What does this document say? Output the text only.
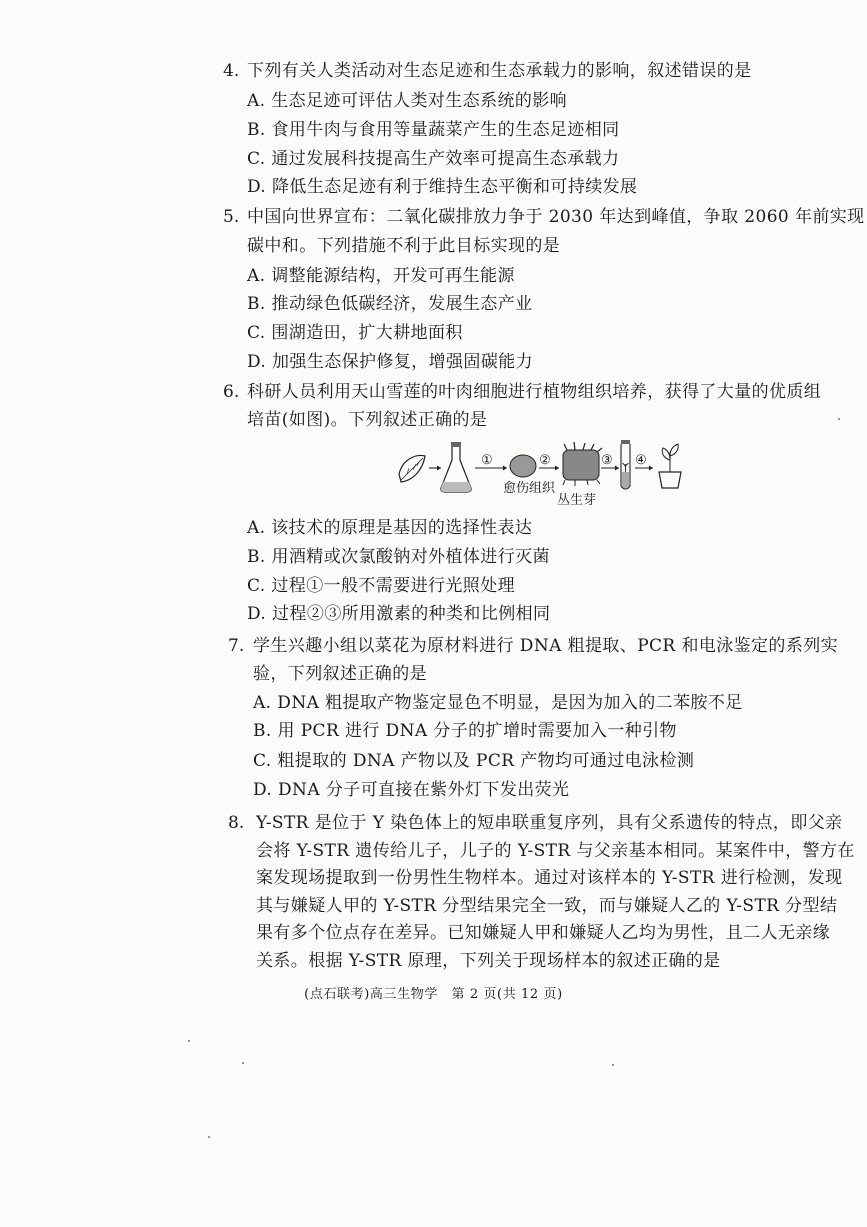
4. 下列有关人类活动对生态足迹和生态承载力的影响，叙述错误的是
A. 生态足迹可评估人类对生态系统的影响
B. 食用牛肉与食用等量蔬菜产生的生态足迹相同
C. 通过发展科技提高生产效率可提高生态承载力
D. 降低生态足迹有利于维持生态平衡和可持续发展
5. 中国向世界宣布：二氧化碳排放力争于 2030 年达到峰值，争取 2060 年前实现
碳中和。下列措施不利于此目标实现的是
A. 调整能源结构，开发可再生能源
B. 推动绿色低碳经济，发展生态产业
C. 围湖造田，扩大耕地面积
D. 加强生态保护修复，增强固碳能力
6. 科研人员利用天山雪莲的叶肉细胞进行植物组织培养，获得了大量的优质组
培苗(如图)。下列叙述正确的是
①
愈伤组织
②
丛生芽
③ ④
A. 该技术的原理是基因的选择性表达
B. 用酒精或次氯酸钠对外植体进行灭菌
C. 过程①一般不需要进行光照处理
D. 过程②③所用激素的种类和比例相同
7. 学生兴趣小组以菜花为原材料进行 DNA 粗提取、PCR 和电泳鉴定的系列实
验，下列叙述正确的是
A. DNA 粗提取产物鉴定显色不明显，是因为加入的二苯胺不足
B. 用 PCR 进行 DNA 分子的扩增时需要加入一种引物
C. 粗提取的 DNA 产物以及 PCR 产物均可通过电泳检测
D. DNA 分子可直接在紫外灯下发出荧光
8. Y-STR 是位于 Y 染色体上的短串联重复序列，具有父系遗传的特点，即父亲
会将 Y-STR 遗传给儿子，儿子的 Y-STR 与父亲基本相同。某案件中，警方在
案发现场提取到一份男性生物样本。通过对该样本的 Y-STR 进行检测，发现
其与嫌疑人甲的 Y-STR 分型结果完全一致，而与嫌疑人乙的 Y-STR 分型结
果有多个位点存在差异。已知嫌疑人甲和嫌疑人乙均为男性，且二人无亲缘
关系。根据 Y-STR 原理，下列关于现场样本的叙述正确的是
(点石联考)高三生物学　第 2 页(共 12 页)
